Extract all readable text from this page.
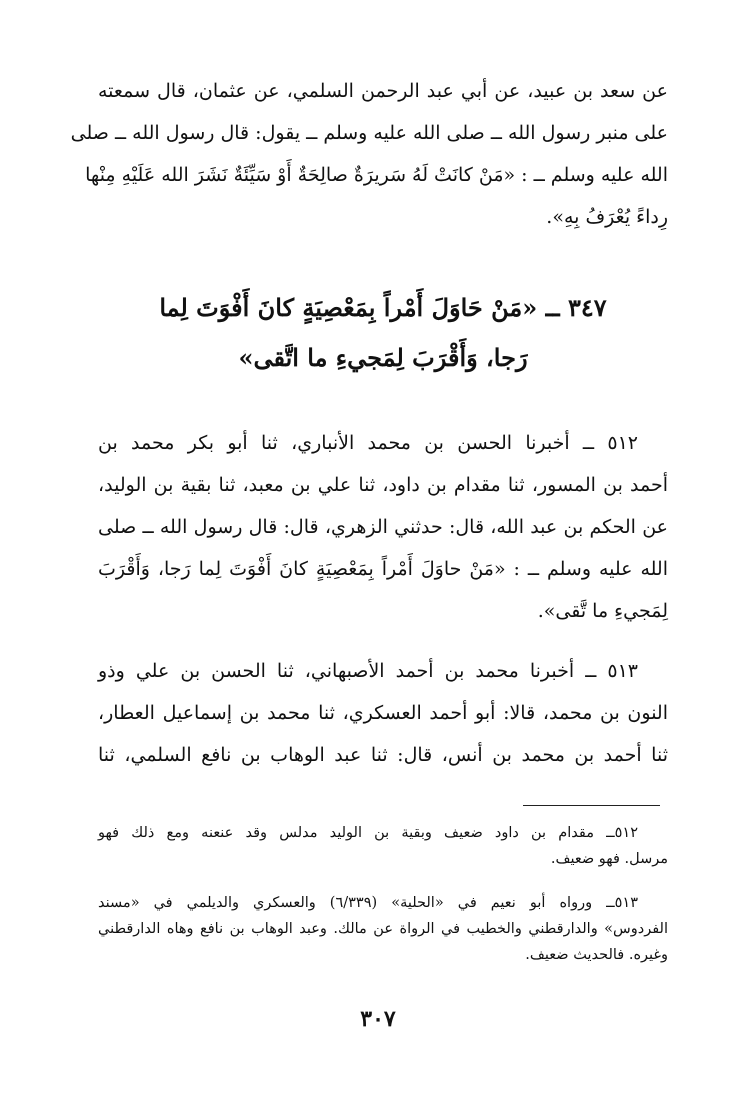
عن سعد بن عبيد، عن أبي عبد الرحمن السلمي، عن عثمان، قال سمعته
على منبر رسول الله ــ صلى الله عليه وسلم ــ يقول: قال رسول الله ــ صلى
الله عليه وسلم ــ : «مَنْ كانَتْ لَهُ سَريرَةٌ صالِحَةٌ أَوْ سَيِّئَةٌ نَشَرَ الله عَلَيْهِ مِنْها
رِداءً يُعْرَفُ بِهِ».
٣٤٧ ــ «مَنْ حَاوَلَ أَمْراً بِمَعْصِيَةٍ كانَ أَفْوَتَ لِما
رَجا، وَأَقْرَبَ لِمَجيءِ ما اتَّقى»
٥١٢ ــ أخبرنا الحسن بن محمد الأنباري، ثنا أبو بكر محمد بن
أحمد بن المسور، ثنا مقدام بن داود، ثنا علي بن معبد، ثنا بقية بن الوليد،
عن الحكم بن عبد الله، قال: حدثني الزهري، قال: قال رسول الله ــ صلى
الله عليه وسلم ــ : «مَنْ حاوَلَ أَمْراً بِمَعْصِيَةٍ كانَ أَفْوَتَ لِما رَجا، وَأَقْرَبَ
لِمَجيءِ ما تَّقى».
٥١٣ ــ أخبرنا محمد بن أحمد الأصبهاني، ثنا الحسن بن علي وذو
النون بن محمد، قالا: أبو أحمد العسكري، ثنا محمد بن إسماعيل العطار،
ثنا أحمد بن محمد بن أنس، قال: ثنا عبد الوهاب بن نافع السلمي، ثنا
٥١٢ــ مقدام بن داود ضعيف وبقية بن الوليد مدلس وقد عنعنه ومع ذلك فهو
مرسل. فهو ضعيف.
٥١٣ــ ورواه أبو نعيم في «الحلية» (٦/٣٣٩) والعسكري والديلمي في «مسند
الفردوس» والدارقطني والخطيب في الرواة عن مالك. وعبد الوهاب بن نافع وهاه الدارقطني
وغيره. فالحديث ضعيف.
٣٠٧
